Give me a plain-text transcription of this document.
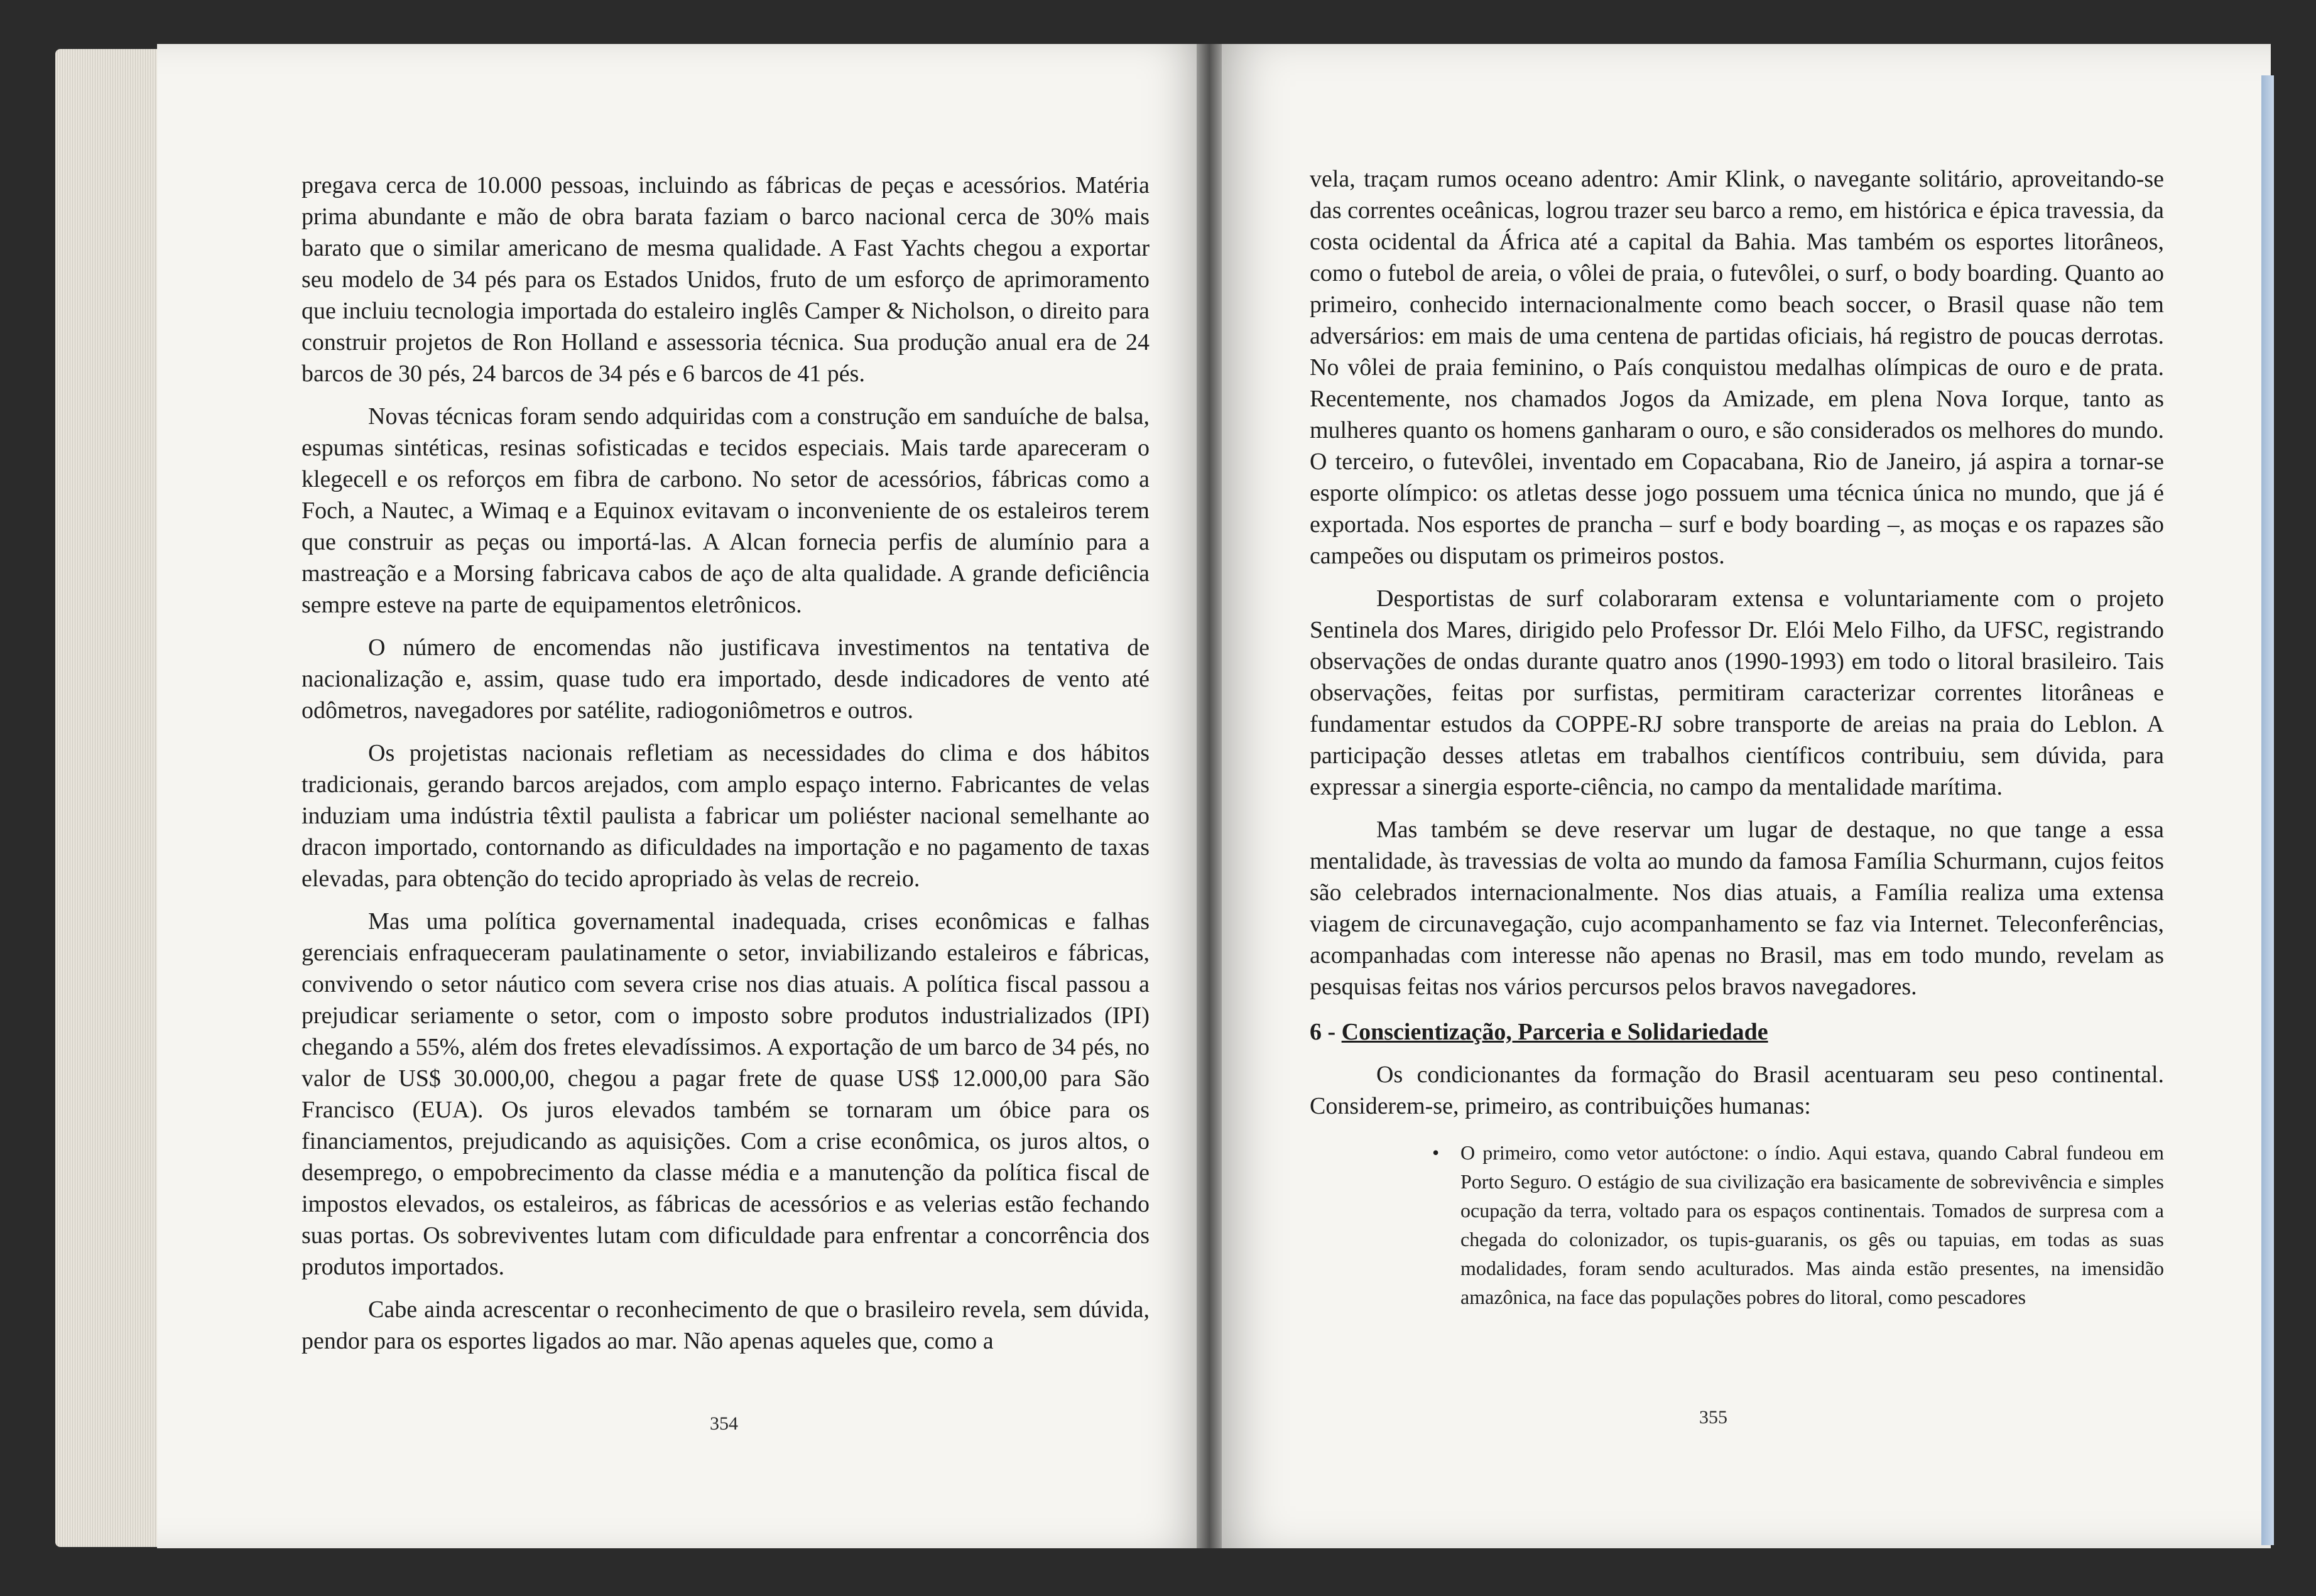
pregava cerca de 10.000 pessoas, incluindo as fábricas de peças e acessórios. Matéria prima abundante e mão de obra barata faziam o barco nacional cerca de 30% mais barato que o similar americano de mesma qualidade. A Fast Yachts chegou a exportar seu modelo de 34 pés para os Estados Unidos, fruto de um esforço de aprimoramento que incluiu tecnologia importada do estaleiro inglês Camper & Nicholson, o direito para construir projetos de Ron Holland e assessoria técnica. Sua produção anual era de 24 barcos de 30 pés, 24 barcos de 34 pés e 6 barcos de 41 pés.

Novas técnicas foram sendo adquiridas com a construção em sanduíche de balsa, espumas sintéticas, resinas sofisticadas e tecidos especiais. Mais tarde apareceram o klegecell e os reforços em fibra de carbono. No setor de acessórios, fábricas como a Foch, a Nautec, a Wimaq e a Equinox evitavam o inconveniente de os estaleiros terem que construir as peças ou importá-las. A Alcan fornecia perfis de alumínio para a mastreação e a Morsing fabricava cabos de aço de alta qualidade. A grande deficiência sempre esteve na parte de equipamentos eletrônicos.

O número de encomendas não justificava investimentos na tentativa de nacionalização e, assim, quase tudo era importado, desde indicadores de vento até odômetros, navegadores por satélite, radiogoniômetros e outros.

Os projetistas nacionais refletiam as necessidades do clima e dos hábitos tradicionais, gerando barcos arejados, com amplo espaço interno. Fabricantes de velas induziam uma indústria têxtil paulista a fabricar um poliéster nacional semelhante ao dracon importado, contornando as dificuldades na importação e no pagamento de taxas elevadas, para obtenção do tecido apropriado às velas de recreio.

Mas uma política governamental inadequada, crises econômicas e falhas gerenciais enfraqueceram paulatinamente o setor, inviabilizando estaleiros e fábricas, convivendo o setor náutico com severa crise nos dias atuais. A política fiscal passou a prejudicar seriamente o setor, com o imposto sobre produtos industrializados (IPI) chegando a 55%, além dos fretes elevadíssimos. A exportação de um barco de 34 pés, no valor de US$ 30.000,00, chegou a pagar frete de quase US$ 12.000,00 para São Francisco (EUA). Os juros elevados também se tornaram um óbice para os financiamentos, prejudicando as aquisições. Com a crise econômica, os juros altos, o desemprego, o empobrecimento da classe média e a manutenção da política fiscal de impostos elevados, os estaleiros, as fábricas de acessórios e as velerias estão fechando suas portas. Os sobreviventes lutam com dificuldade para enfrentar a concorrência dos produtos importados.

Cabe ainda acrescentar o reconhecimento de que o brasileiro revela, sem dúvida, pendor para os esportes ligados ao mar. Não apenas aqueles que, como a

354

vela, traçam rumos oceano adentro: Amir Klink, o navegante solitário, aproveitando-se das correntes oceânicas, logrou trazer seu barco a remo, em histórica e épica travessia, da costa ocidental da África até a capital da Bahia. Mas também os esportes litorâneos, como o futebol de areia, o vôlei de praia, o futevôlei, o surf, o body boarding. Quanto ao primeiro, conhecido internacionalmente como beach soccer, o Brasil quase não tem adversários: em mais de uma centena de partidas oficiais, há registro de poucas derrotas. No vôlei de praia feminino, o País conquistou medalhas olímpicas de ouro e de prata. Recentemente, nos chamados Jogos da Amizade, em plena Nova Iorque, tanto as mulheres quanto os homens ganharam o ouro, e são considerados os melhores do mundo. O terceiro, o futevôlei, inventado em Copacabana, Rio de Janeiro, já aspira a tornar-se esporte olímpico: os atletas desse jogo possuem uma técnica única no mundo, que já é exportada. Nos esportes de prancha – surf e body boarding –, as moças e os rapazes são campeões ou disputam os primeiros postos.

Desportistas de surf colaboraram extensa e voluntariamente com o projeto Sentinela dos Mares, dirigido pelo Professor Dr. Elói Melo Filho, da UFSC, registrando observações de ondas durante quatro anos (1990-1993) em todo o litoral brasileiro. Tais observações, feitas por surfistas, permitiram caracterizar correntes litorâneas e fundamentar estudos da COPPE-RJ sobre transporte de areias na praia do Leblon. A participação desses atletas em trabalhos científicos contribuiu, sem dúvida, para expressar a sinergia esporte-ciência, no campo da mentalidade marítima.

Mas também se deve reservar um lugar de destaque, no que tange a essa mentalidade, às travessias de volta ao mundo da famosa Família Schurmann, cujos feitos são celebrados internacionalmente. Nos dias atuais, a Família realiza uma extensa viagem de circunavegação, cujo acompanhamento se faz via Internet. Teleconferências, acompanhadas com interesse não apenas no Brasil, mas em todo mundo, revelam as pesquisas feitas nos vários percursos pelos bravos navegadores.

6 - Conscientização, Parceria e Solidariedade

Os condicionantes da formação do Brasil acentuaram seu peso continental. Considerem-se, primeiro, as contribuições humanas:

• O primeiro, como vetor autóctone: o índio. Aqui estava, quando Cabral fundeou em Porto Seguro. O estágio de sua civilização era basicamente de sobrevivência e simples ocupação da terra, voltado para os espaços continentais. Tomados de surpresa com a chegada do colonizador, os tupis-guaranis, os gês ou tapuias, em todas as suas modalidades, foram sendo aculturados. Mas ainda estão presentes, na imensidão amazônica, na face das populações pobres do litoral, como pescadores
355
